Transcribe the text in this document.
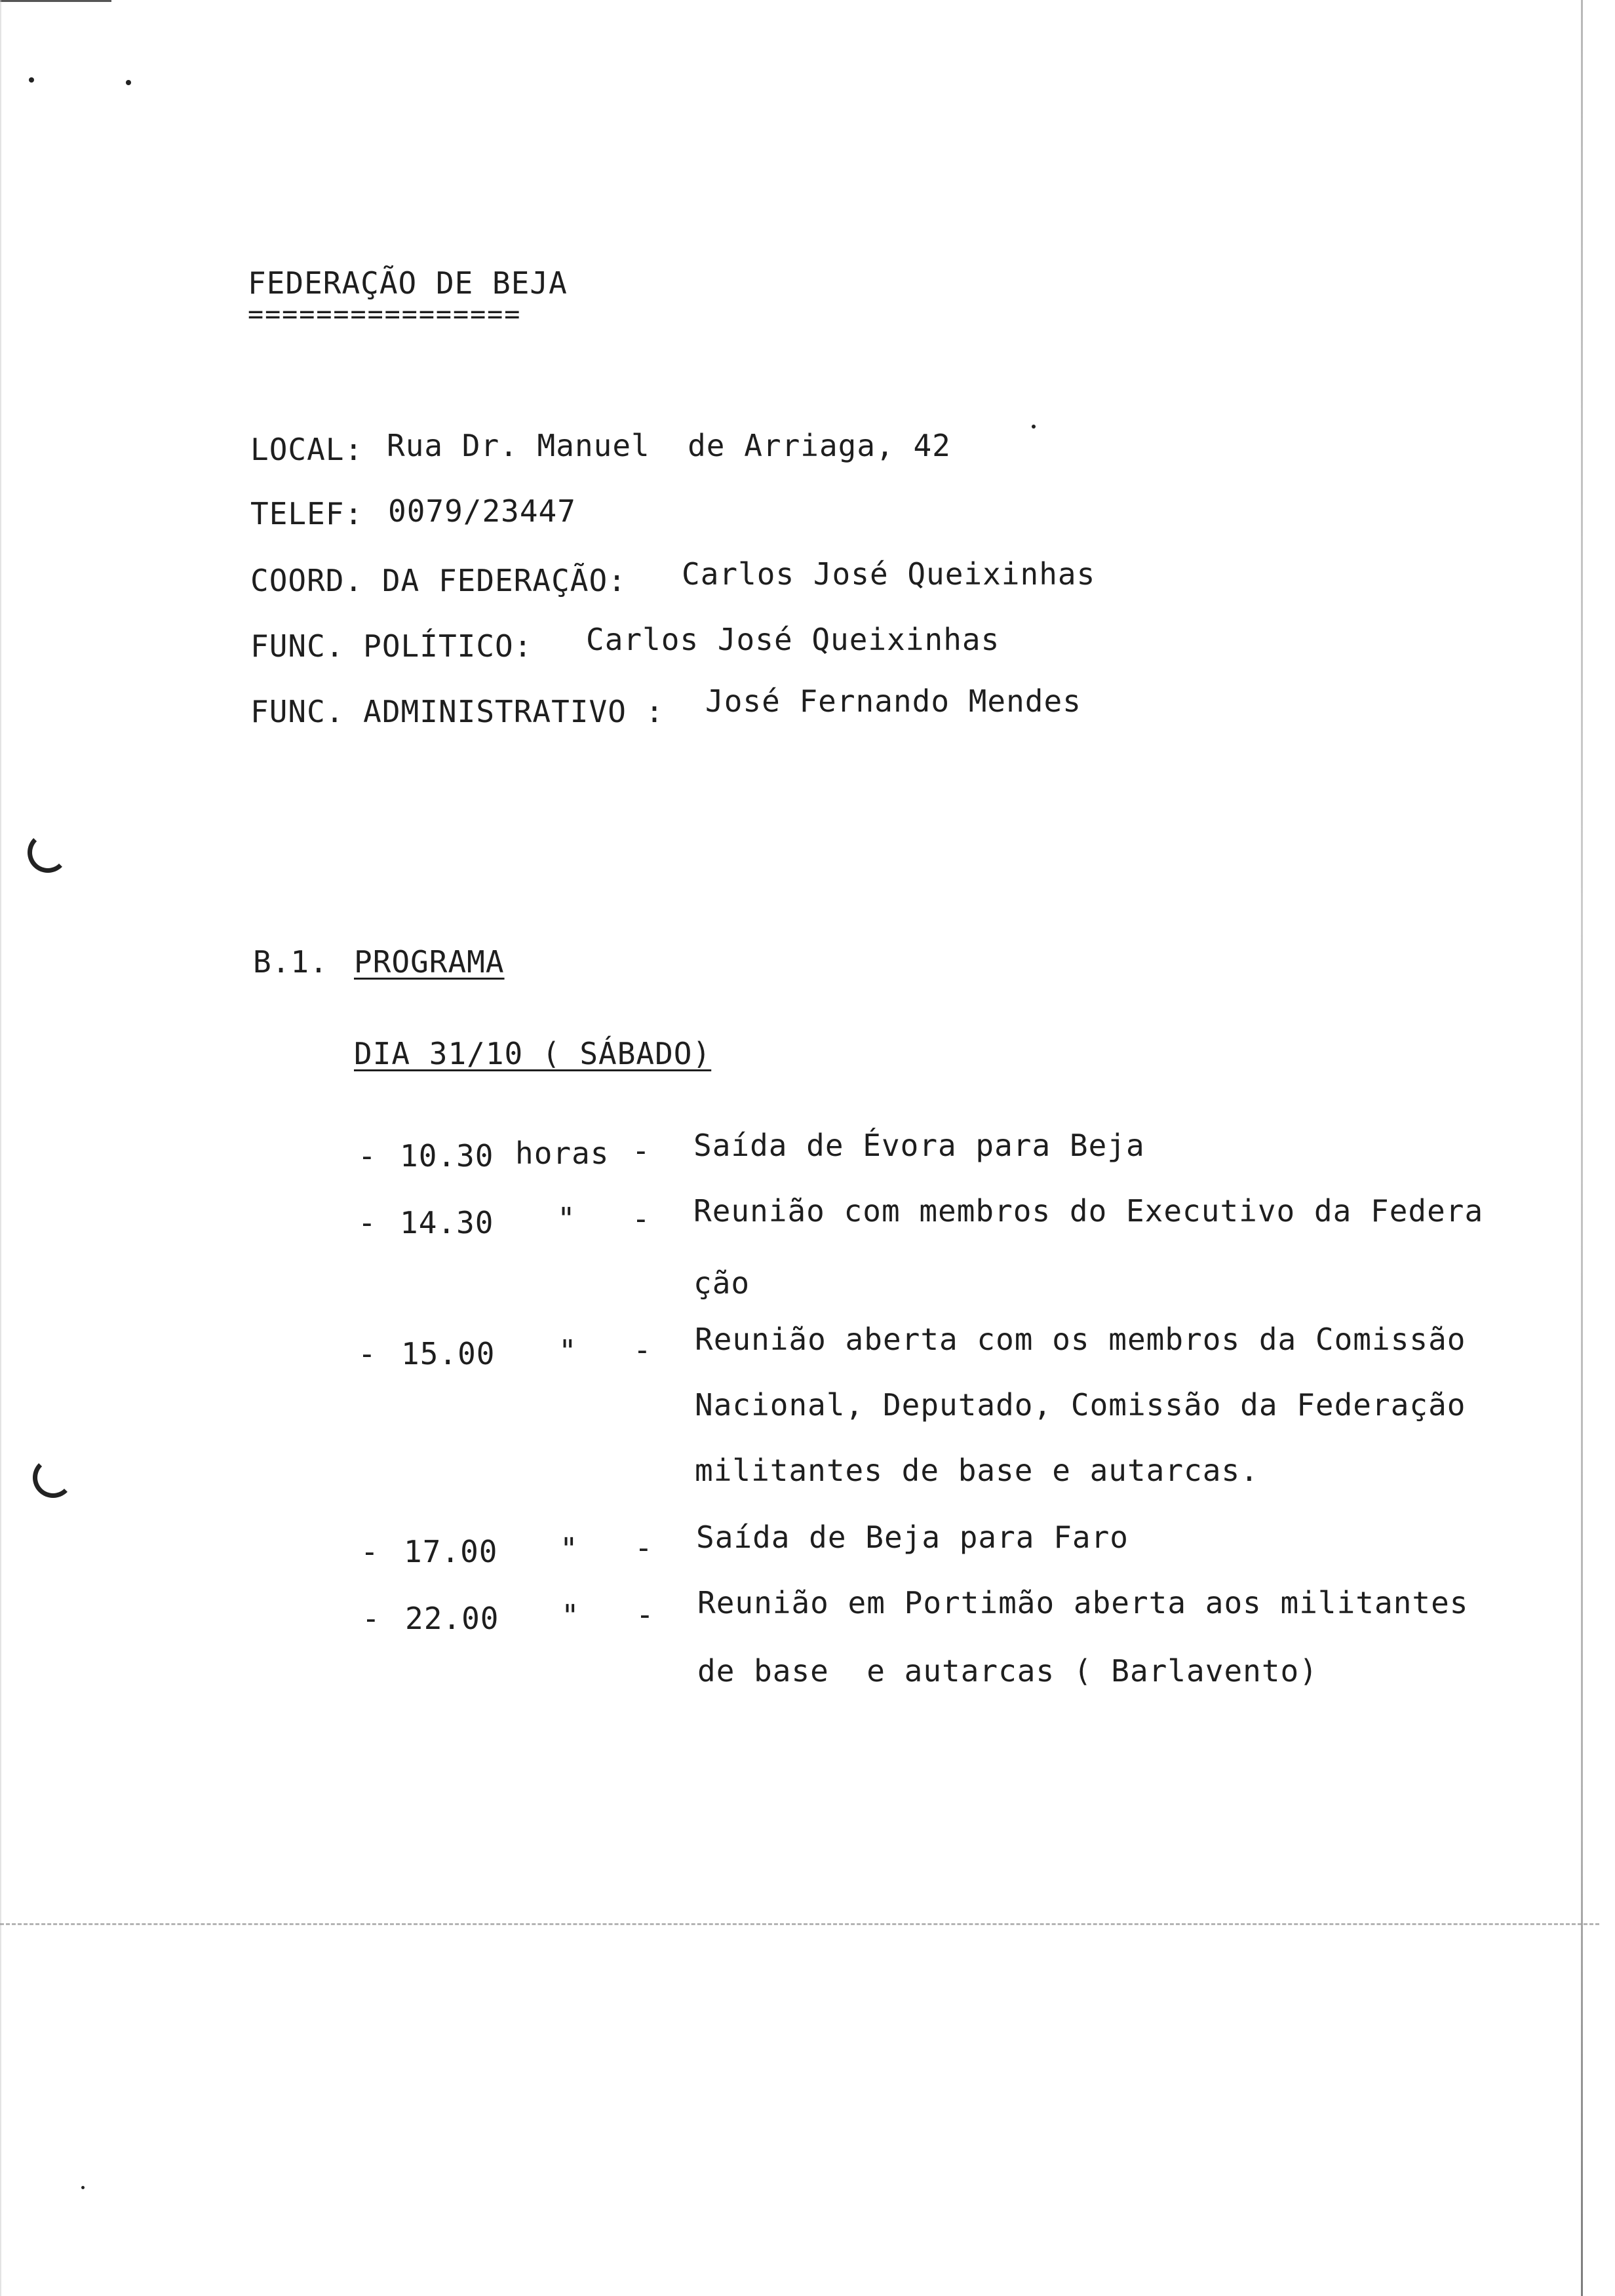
FEDERAÇÃO DE BEJA
================
LOCAL: Rua Dr. Manuel  de Arriaga, 42
TELEF: 0079/23447
COORD. DA FEDERAÇÃO: Carlos José Queixinhas
FUNC. POLÍTICO: Carlos José Queixinhas
FUNC. ADMINISTRATIVO : José Fernando Mendes
B.1. PROGRAMA
DIA 31/10 ( SÁBADO)
- 10.30 horas - Saída de Évora para Beja
- 14.30 " - Reunião com membros do Executivo da Federa
ção
- 15.00 " - Reunião aberta com os membros da Comissão
Nacional, Deputado, Comissão da Federação
militantes de base e autarcas.
- 17.00 " - Saída de Beja para Faro
- 22.00 " - Reunião em Portimão aberta aos militantes
de base  e autarcas ( Barlavento)
